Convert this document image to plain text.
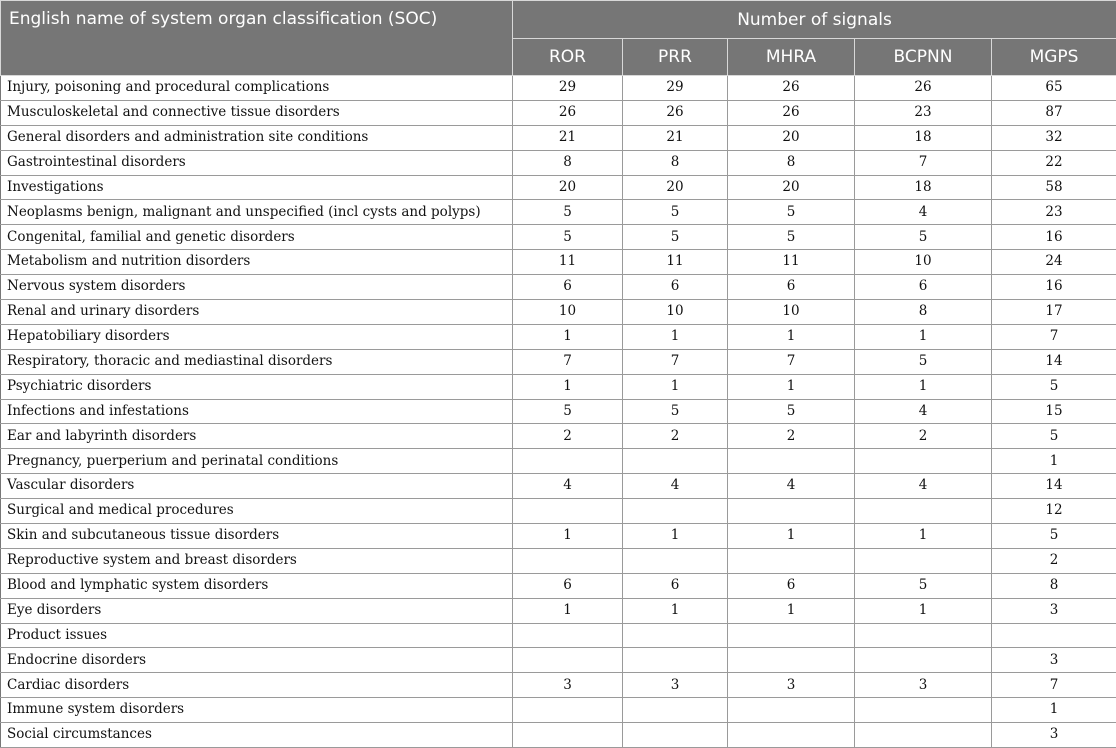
English name of system organ classification (SOC)	Number of signals				
	ROR	PRR	MHRA	BCPNN	MGPS
Injury, poisoning and procedural complications	29	29	26	26	65
Musculoskeletal and connective tissue disorders	26	26	26	23	87
General disorders and administration site conditions	21	21	20	18	32
Gastrointestinal disorders	8	8	8	7	22
Investigations	20	20	20	18	58
Neoplasms benign, malignant and unspecified (incl cysts and polyps)	5	5	5	4	23
Congenital, familial and genetic disorders	5	5	5	5	16
Metabolism and nutrition disorders	11	11	11	10	24
Nervous system disorders	6	6	6	6	16
Renal and urinary disorders	10	10	10	8	17
Hepatobiliary disorders	1	1	1	1	7
Respiratory, thoracic and mediastinal disorders	7	7	7	5	14
Psychiatric disorders	1	1	1	1	5
Infections and infestations	5	5	5	4	15
Ear and labyrinth disorders	2	2	2	2	5
Pregnancy, puerperium and perinatal conditions					1
Vascular disorders	4	4	4	4	14
Surgical and medical procedures					12
Skin and subcutaneous tissue disorders	1	1	1	1	5
Reproductive system and breast disorders					2
Blood and lymphatic system disorders	6	6	6	5	8
Eye disorders	1	1	1	1	3
Product issues					
Endocrine disorders					3
Cardiac disorders	3	3	3	3	7
Immune system disorders					1
Social circumstances					3
